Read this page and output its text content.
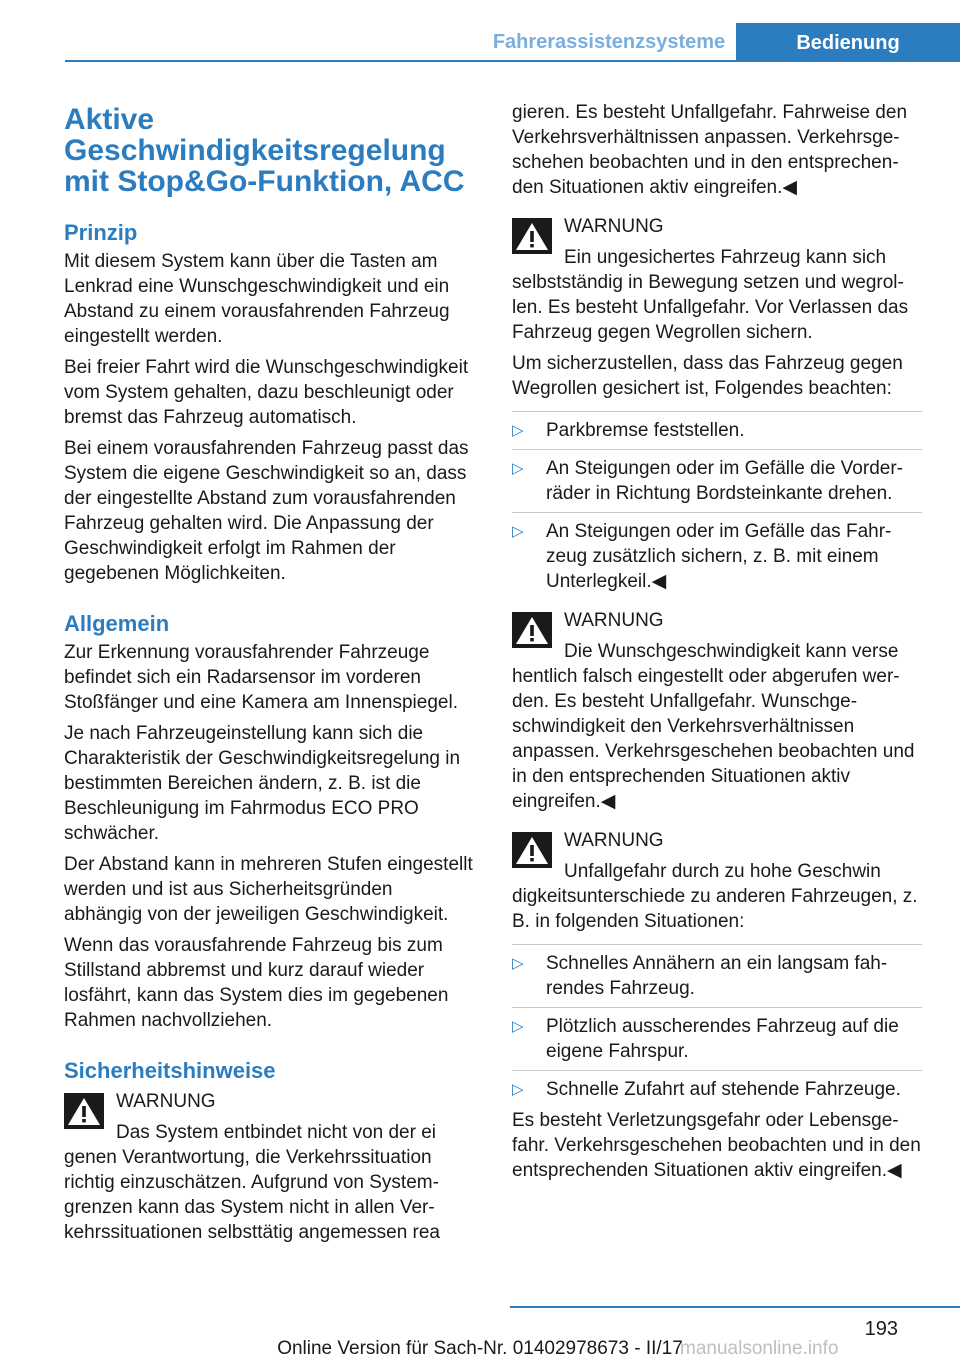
Fahrerassistenzsysteme	Bedienung
Aktive
Geschwindigkeitsregelung
mit Stop&Go-Funktion, ACC
Prinzip

Mit diesem System kann über die Tasten am Lenkrad eine Wunschgeschwindigkeit und ein Abstand zu einem vorausfahrenden Fahrzeug eingestellt werden.

Bei freier Fahrt wird die Wunschgeschwindigkeit vom System gehalten, dazu beschleunigt oder bremst das Fahrzeug automatisch.

Bei einem vorausfahrenden Fahrzeug passt das System die eigene Geschwindigkeit so an, dass der eingestellte Abstand zum vorausfahrenden Fahrzeug gehalten wird. Die Anpassung der Geschwindigkeit erfolgt im Rahmen der gegebenen Möglichkeiten.

Allgemein

Zur Erkennung vorausfahrender Fahrzeuge befindet sich ein Radarsensor im vorderen Stoßfänger und eine Kamera am Innenspiegel.

Je nach Fahrzeugeinstellung kann sich die Charakteristik der Geschwindigkeitsregelung in bestimmten Bereichen ändern, z. B. ist die Beschleunigung im Fahrmodus ECO PRO schwächer.

Der Abstand kann in mehreren Stufen eingestellt werden und ist aus Sicherheitsgründen abhängig von der jeweiligen Geschwindigkeit.

Wenn das vorausfahrende Fahrzeug bis zum Stillstand abbremst und kurz darauf wieder losfährt, kann das System dies im gegebenen Rahmen nachvollziehen.

Sicherheitshinweise
WARNUNG
Das System entbindet nicht von der ei

genen Verantwortung, die Verkehrssituation richtig einzuschätzen. Aufgrund von Systemgrenzen kann das System nicht in allen Verkehrssituationen selbsttätig angemessen rea

gieren. Es besteht Unfallgefahr. Fahrweise den Verkehrsverhältnissen anpassen. Verkehrsgeschehen beobachten und in den entsprechenden Situationen aktiv eingreifen.◀

WARNUNG
Ein ungesichertes Fahrzeug kann sich

selbstständig in Bewegung setzen und wegrollen. Es besteht Unfallgefahr. Vor Verlassen das Fahrzeug gegen Wegrollen sichern.

Um sicherzustellen, dass das Fahrzeug gegen Wegrollen gesichert ist, Folgendes beachten:

▷ Parkbremse feststellen.
▷ An Steigungen oder im Gefälle die Vorderräder in Richtung Bordsteinkante drehen.
▷ An Steigungen oder im Gefälle das Fahrzeug zusätzlich sichern, z. B. mit einem Unterlegkeil.◀
WARNUNG
Die Wunschgeschwindigkeit kann verse

hentlich falsch eingestellt oder abgerufen werden. Es besteht Unfallgefahr. Wunschgeschwindigkeit den Verkehrsverhältnissen anpassen. Verkehrsgeschehen beobachten und in den entsprechenden Situationen aktiv eingreifen.◀

WARNUNG
Unfallgefahr durch zu hohe Geschwin

digkeitsunterschiede zu anderen Fahrzeugen, z. B. in folgenden Situationen:

▷ Schnelles Annähern an ein langsam fahrendes Fahrzeug.
▷ Plötzlich ausscherendes Fahrzeug auf die eigene Fahrspur.
▷ Schnelle Zufahrt auf stehende Fahrzeuge.

Es besteht Verletzungsgefahr oder Lebensgefahr. Verkehrsgeschehen beobachten und in den entsprechenden Situationen aktiv eingreifen.◀

193
Online Version für Sach-Nr. 01402978673 - II/17
manualsonline.info
